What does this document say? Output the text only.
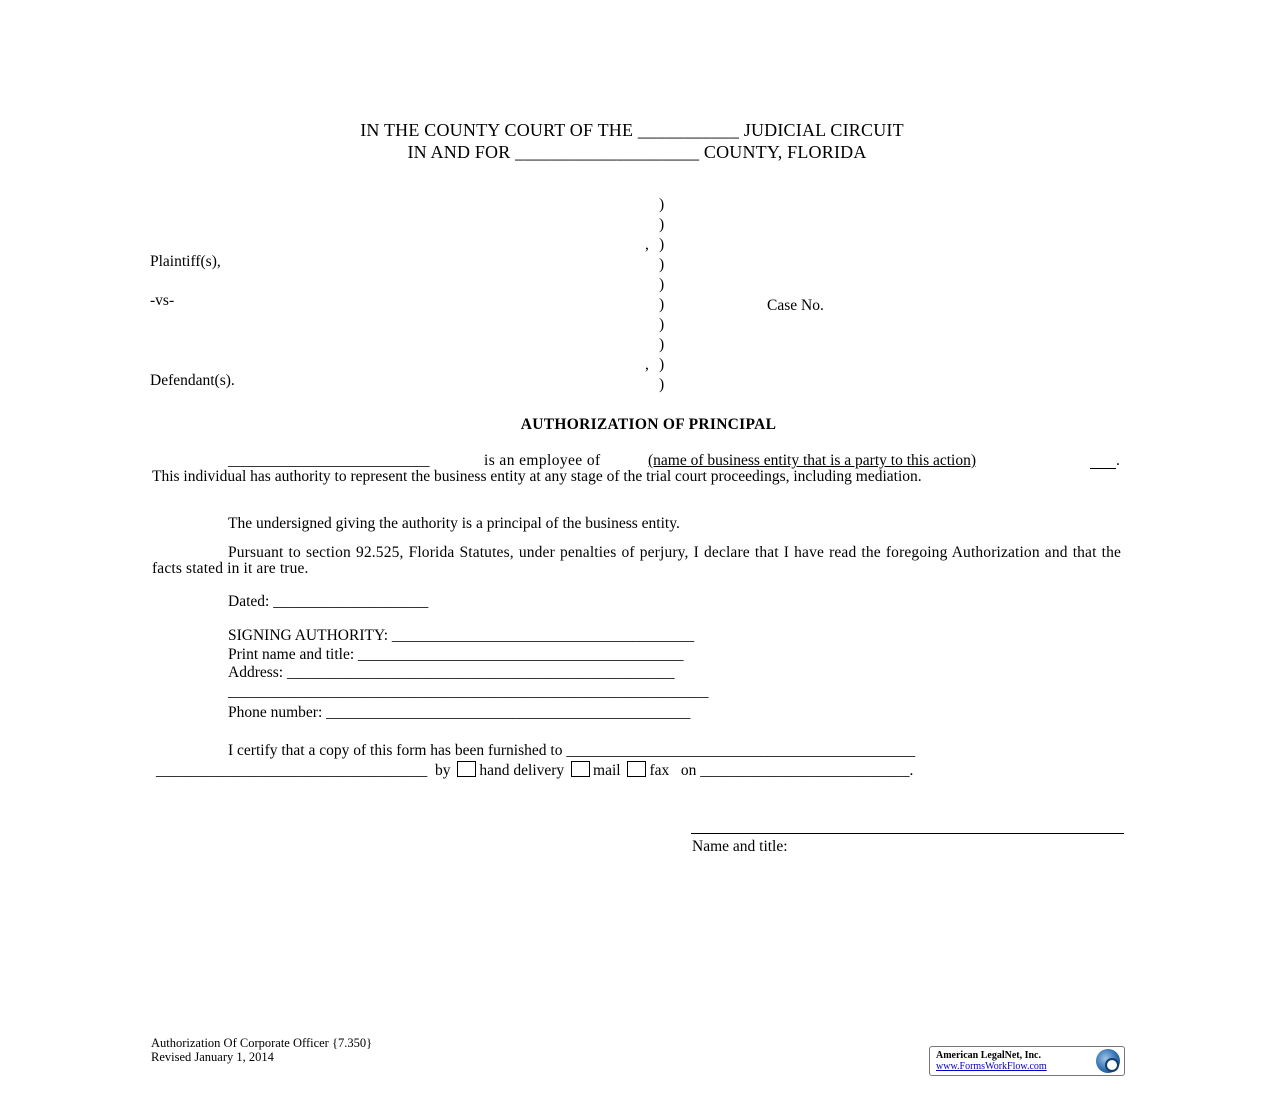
IN THE COUNTY COURT OF THE ___________ JUDICIAL CIRCUIT
IN AND FOR ____________________ COUNTY, FLORIDA
)
)
)
)
)
)
)
)
)
)
,
,
Plaintiff(s),
-vs-
Defendant(s).
Case No.
AUTHORIZATION OF PRINCIPAL
__________________________	is an employee of	(name of business entity that is a party to this action)	.
This individual has authority to represent the business entity at any stage of the trial court proceedings, including mediation.
The undersigned giving the authority is a principal of the business entity.
Pursuant to section 92.525, Florida Statutes, under penalties of perjury, I declare that I have read the foregoing Authorization and that the facts stated in it are true.
Dated: ____________________
SIGNING AUTHORITY: _______________________________________
Print name and title: __________________________________________
Address: __________________________________________________
______________________________________________________________
Phone number: _______________________________________________
I certify that a copy of this form has been furnished to _____________________________________________
___________________________________ by hand delivery mail fax on ___________________________.
Name and title:
Authorization Of Corporate Officer {7.350}
Revised January 1, 2014	American LegalNet, Inc.
www.FormsWorkFlow.com
